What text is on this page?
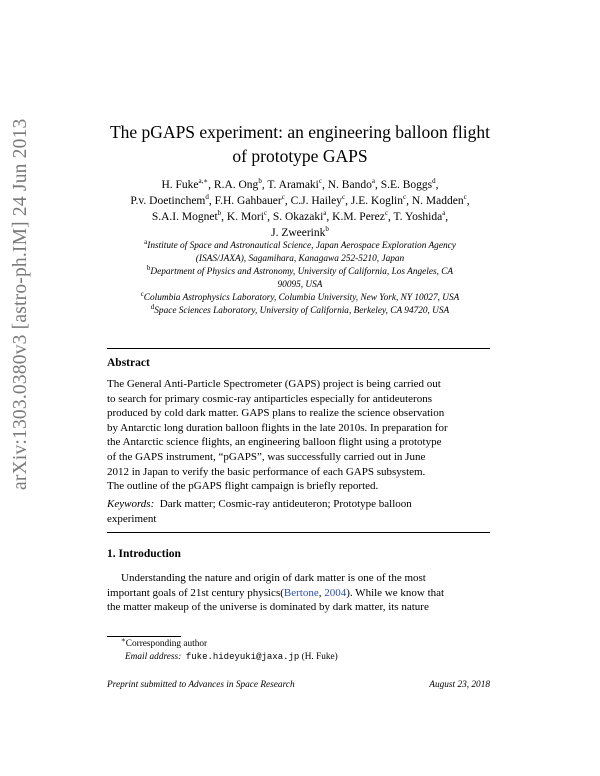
arXiv:1303.0380v3 [astro-ph.IM] 24 Jun 2013	The pGAPS experiment: an engineering balloon flight
of prototype GAPS
H. Fuke$^{a,∗}$, R.A. Ong$^b$, T. Aramaki$^c$, N. Bando$^a$, S.E. Boggs$^d$,
P.v. Doetinchem$^d$, F.H. Gahbauer$^c$, C.J. Hailey$^c$, J.E. Koglin$^c$, N. Madden$^c$,
S.A.I. Mognet$^b$, K. Mori$^c$, S. Okazaki$^a$, K.M. Perez$^c$, T. Yoshida$^a$,
J. Zweerink$^b$
$^a$Institute of Space and Astronautical Science, Japan Aerospace Exploration Agency
(ISAS/JAXA), Sagamihara, Kanagawa 252-5210, Japan
$^b$Department of Physics and Astronomy, University of California, Los Angeles, CA
90095, USA
$^c$Columbia Astrophysics Laboratory, Columbia University, New York, NY 10027, USA
$^d$Space Sciences Laboratory, University of California, Berkeley, CA 94720, USA
Abstract
The General Anti-Particle Spectrometer (GAPS) project is being carried out
to search for primary cosmic-ray antiparticles especially for antideuterons
produced by cold dark matter. GAPS plans to realize the science observation
by Antarctic long duration balloon flights in the late 2010s. In preparation for
the Antarctic science flights, an engineering balloon flight using a prototype
of the GAPS instrument, “pGAPS”, was successfully carried out in June
2012 in Japan to verify the basic performance of each GAPS subsystem.
The outline of the pGAPS flight campaign is briefly reported.
Keywords: Dark matter; Cosmic-ray antideuteron; Prototype balloon
experiment
1. Introduction
Understanding the nature and origin of dark matter is one of the most
important goals of 21st century physics(Bertone, 2004). While we know that
the matter makeup of the universe is dominated by dark matter, its nature
∗Corresponding author
Email address: fuke.hideyuki@jaxa.jp (H. Fuke)
Preprint submitted to Advances in Space Research	August 23, 2018
